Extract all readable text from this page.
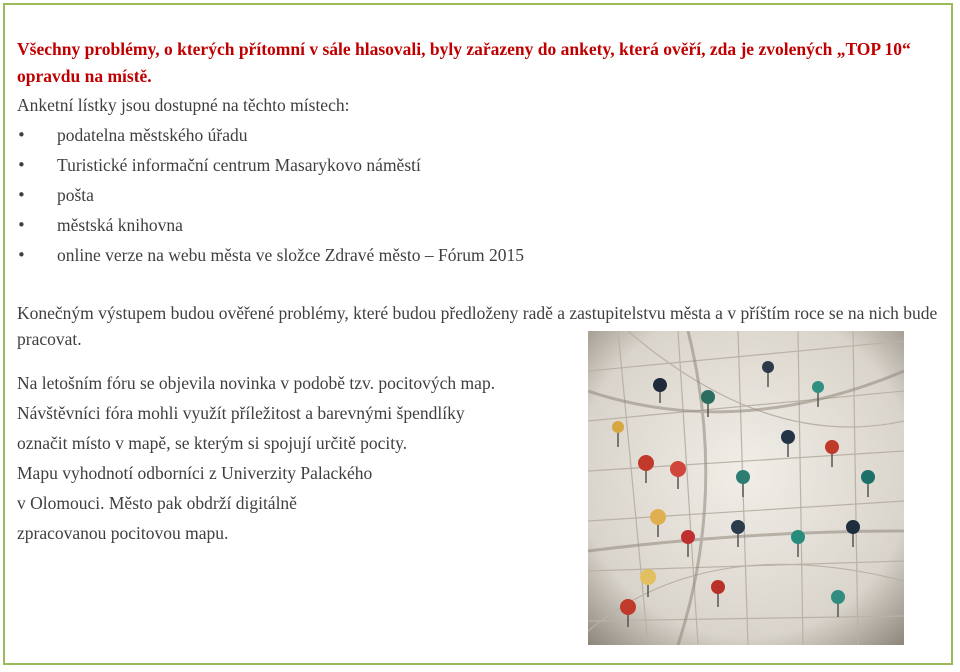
Všechny problémy, o kterých přítomní v sále hlasovali, byly zařazeny do ankety, která ověří, zda je zvolených „TOP 10“ opravdu na místě.

Anketní lístky jsou dostupné na těchto místech:

• podatelna městského úřadu
• Turistické informační centrum Masarykovo náměstí
• pošta
• městská knihovna
• online verze na webu města ve složce Zdravé město – Fórum 2015

Konečným výstupem budou ověřené problémy, které budou předloženy radě a zastupitelstvu města a v příštím roce se na nich bude pracovat.

Na letošním fóru se objevila novinka v podobě tzv. pocitových map.

Návštěvníci fóra mohli využít příležitost a barevnými špendlíky

označit místo v mapě, se kterým si spojují určitě pocity.

Mapu vyhodnotí odborníci z Univerzity Palackého

v Olomouci. Město pak obdrží digitálně

zpracovanou pocitovou mapu.
